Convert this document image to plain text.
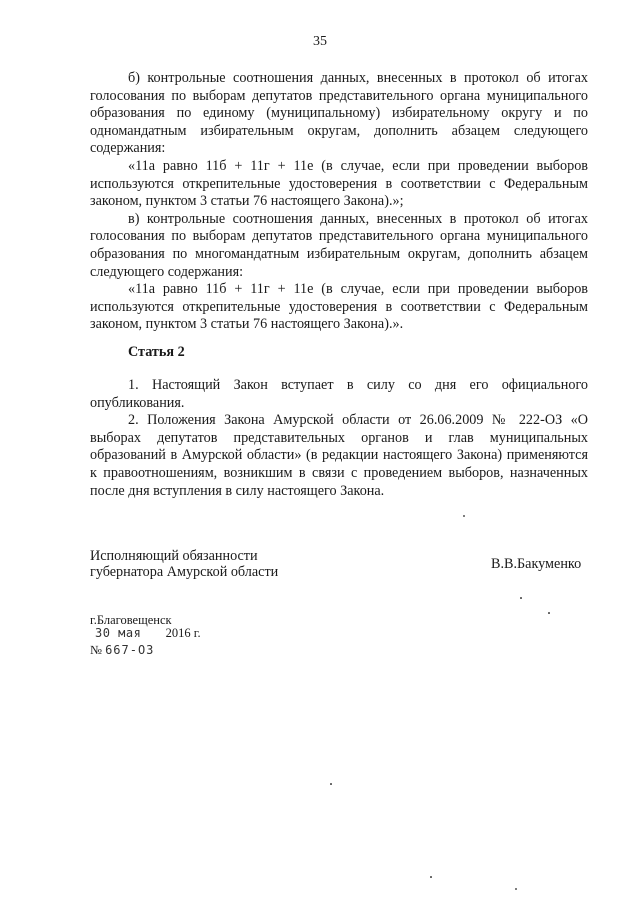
35

б) контрольные соотношения данных, внесенных в протокол об итогах голосования по выборам депутатов представительного органа муниципального образования по единому (муниципальному) избирательному округу и по одномандатным избирательным округам, дополнить абзацем следующего содержания:

«11а равно 11б + 11г + 11е (в случае, если при проведении выборов используются открепительные удостоверения в соответствии с Федеральным законом, пунктом 3 статьи 76 настоящего Закона).»;

в) контрольные соотношения данных, внесенных в протокол об итогах голосования по выборам депутатов представительного органа муниципального образования по многомандатным избирательным округам, дополнить абзацем следующего содержания:

«11а равно 11б + 11г + 11е (в случае, если при проведении выборов используются открепительные удостоверения в соответствии с Федеральным законом, пунктом 3 статьи 76 настоящего Закона).».

Статья 2

1. Настоящий Закон вступает в силу со дня его официального опубликования.

2. Положения Закона Амурской области от 26.06.2009 № 222-ОЗ «О выборах депутатов представительных органов и глав муниципальных образований в Амурской области» (в редакции настоящего Закона) применяются к правоотношениям, возникшим в связи с проведением выборов, назначенных после дня вступления в силу настоящего Закона.

Исполняющий обязанности
губернатора Амурской области	В.В.Бакуменко
г.Благовещенск
30 мая 2016 г.
№ 667-ОЗ
